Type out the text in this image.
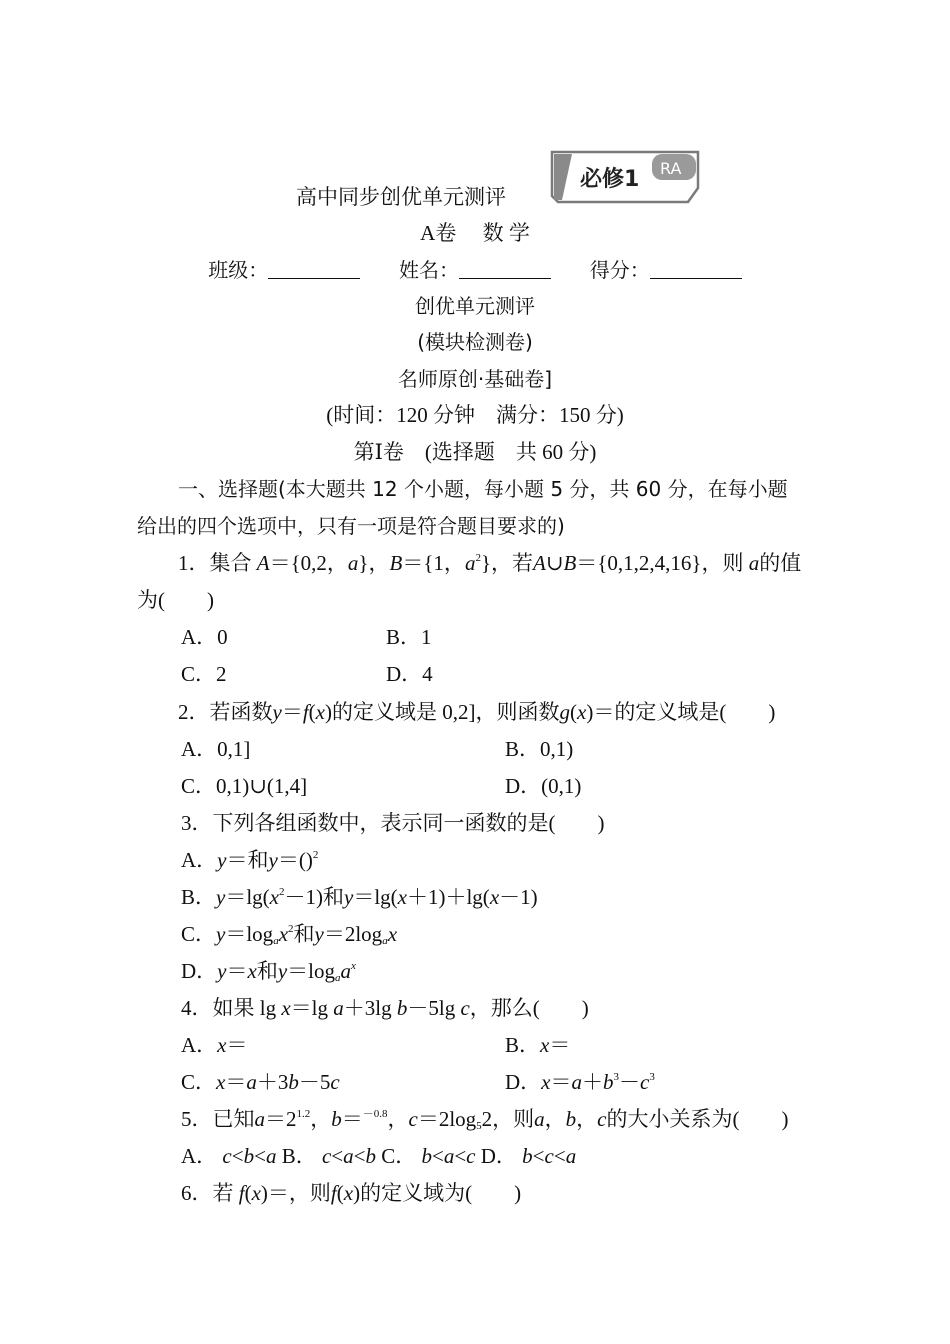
高中同步创优单元测评
必修1 RA
A卷　 数 学
班级：	姓名：	得分：
创优单元测评
(模块检测卷)
名师原创·基础卷]
(时间：120 分钟　满分：150 分)
第Ⅰ卷　(选择题　共 60 分)
一、选择题(本大题共 12 个小题，每小题 5 分，共 60 分，在每小题
给出的四个选项中，只有一项是符合题目要求的)
1．集合 A＝{0,2，a}，B＝{1，$a^2$}，若A∪B＝{0,1,2,4,16}，则 a的值
为(　　)
A．0	B．1
C．2	D．4
2．若函数y＝f(x)的定义域是 0,2]，则函数g(x)＝的定义域是(　　)
A．0,1]	B．0,1)
C．0,1)∪(1,4]	D．(0,1)
3．下列各组函数中，表示同一函数的是(　　)
A．y＝和y＝()$^2$
B．$y=\lg(x^2-1)$和y＝lg(x＋1)＋lg(x－1)
C．$y=\log_ax^2$和$y=2\log_ax$
D．y＝x和$y=\log_aa^x$
4．如果 lg x＝lg a＋3lg b－5lg c，那么(　　)
A．x＝	B．x＝
C．x＝a＋3b－5c	D．$x=a+b^3-c^3$
5．已知$a=2^{1.2}$，b＝$^{-0.8}$，$c=2\log_52$，则a，b，c的大小关系为(　　)
A． c<b<a B． c<a<b C． b<a<c D． b<c<a
6．若 f(x)＝，则f(x)的定义域为(　　)
